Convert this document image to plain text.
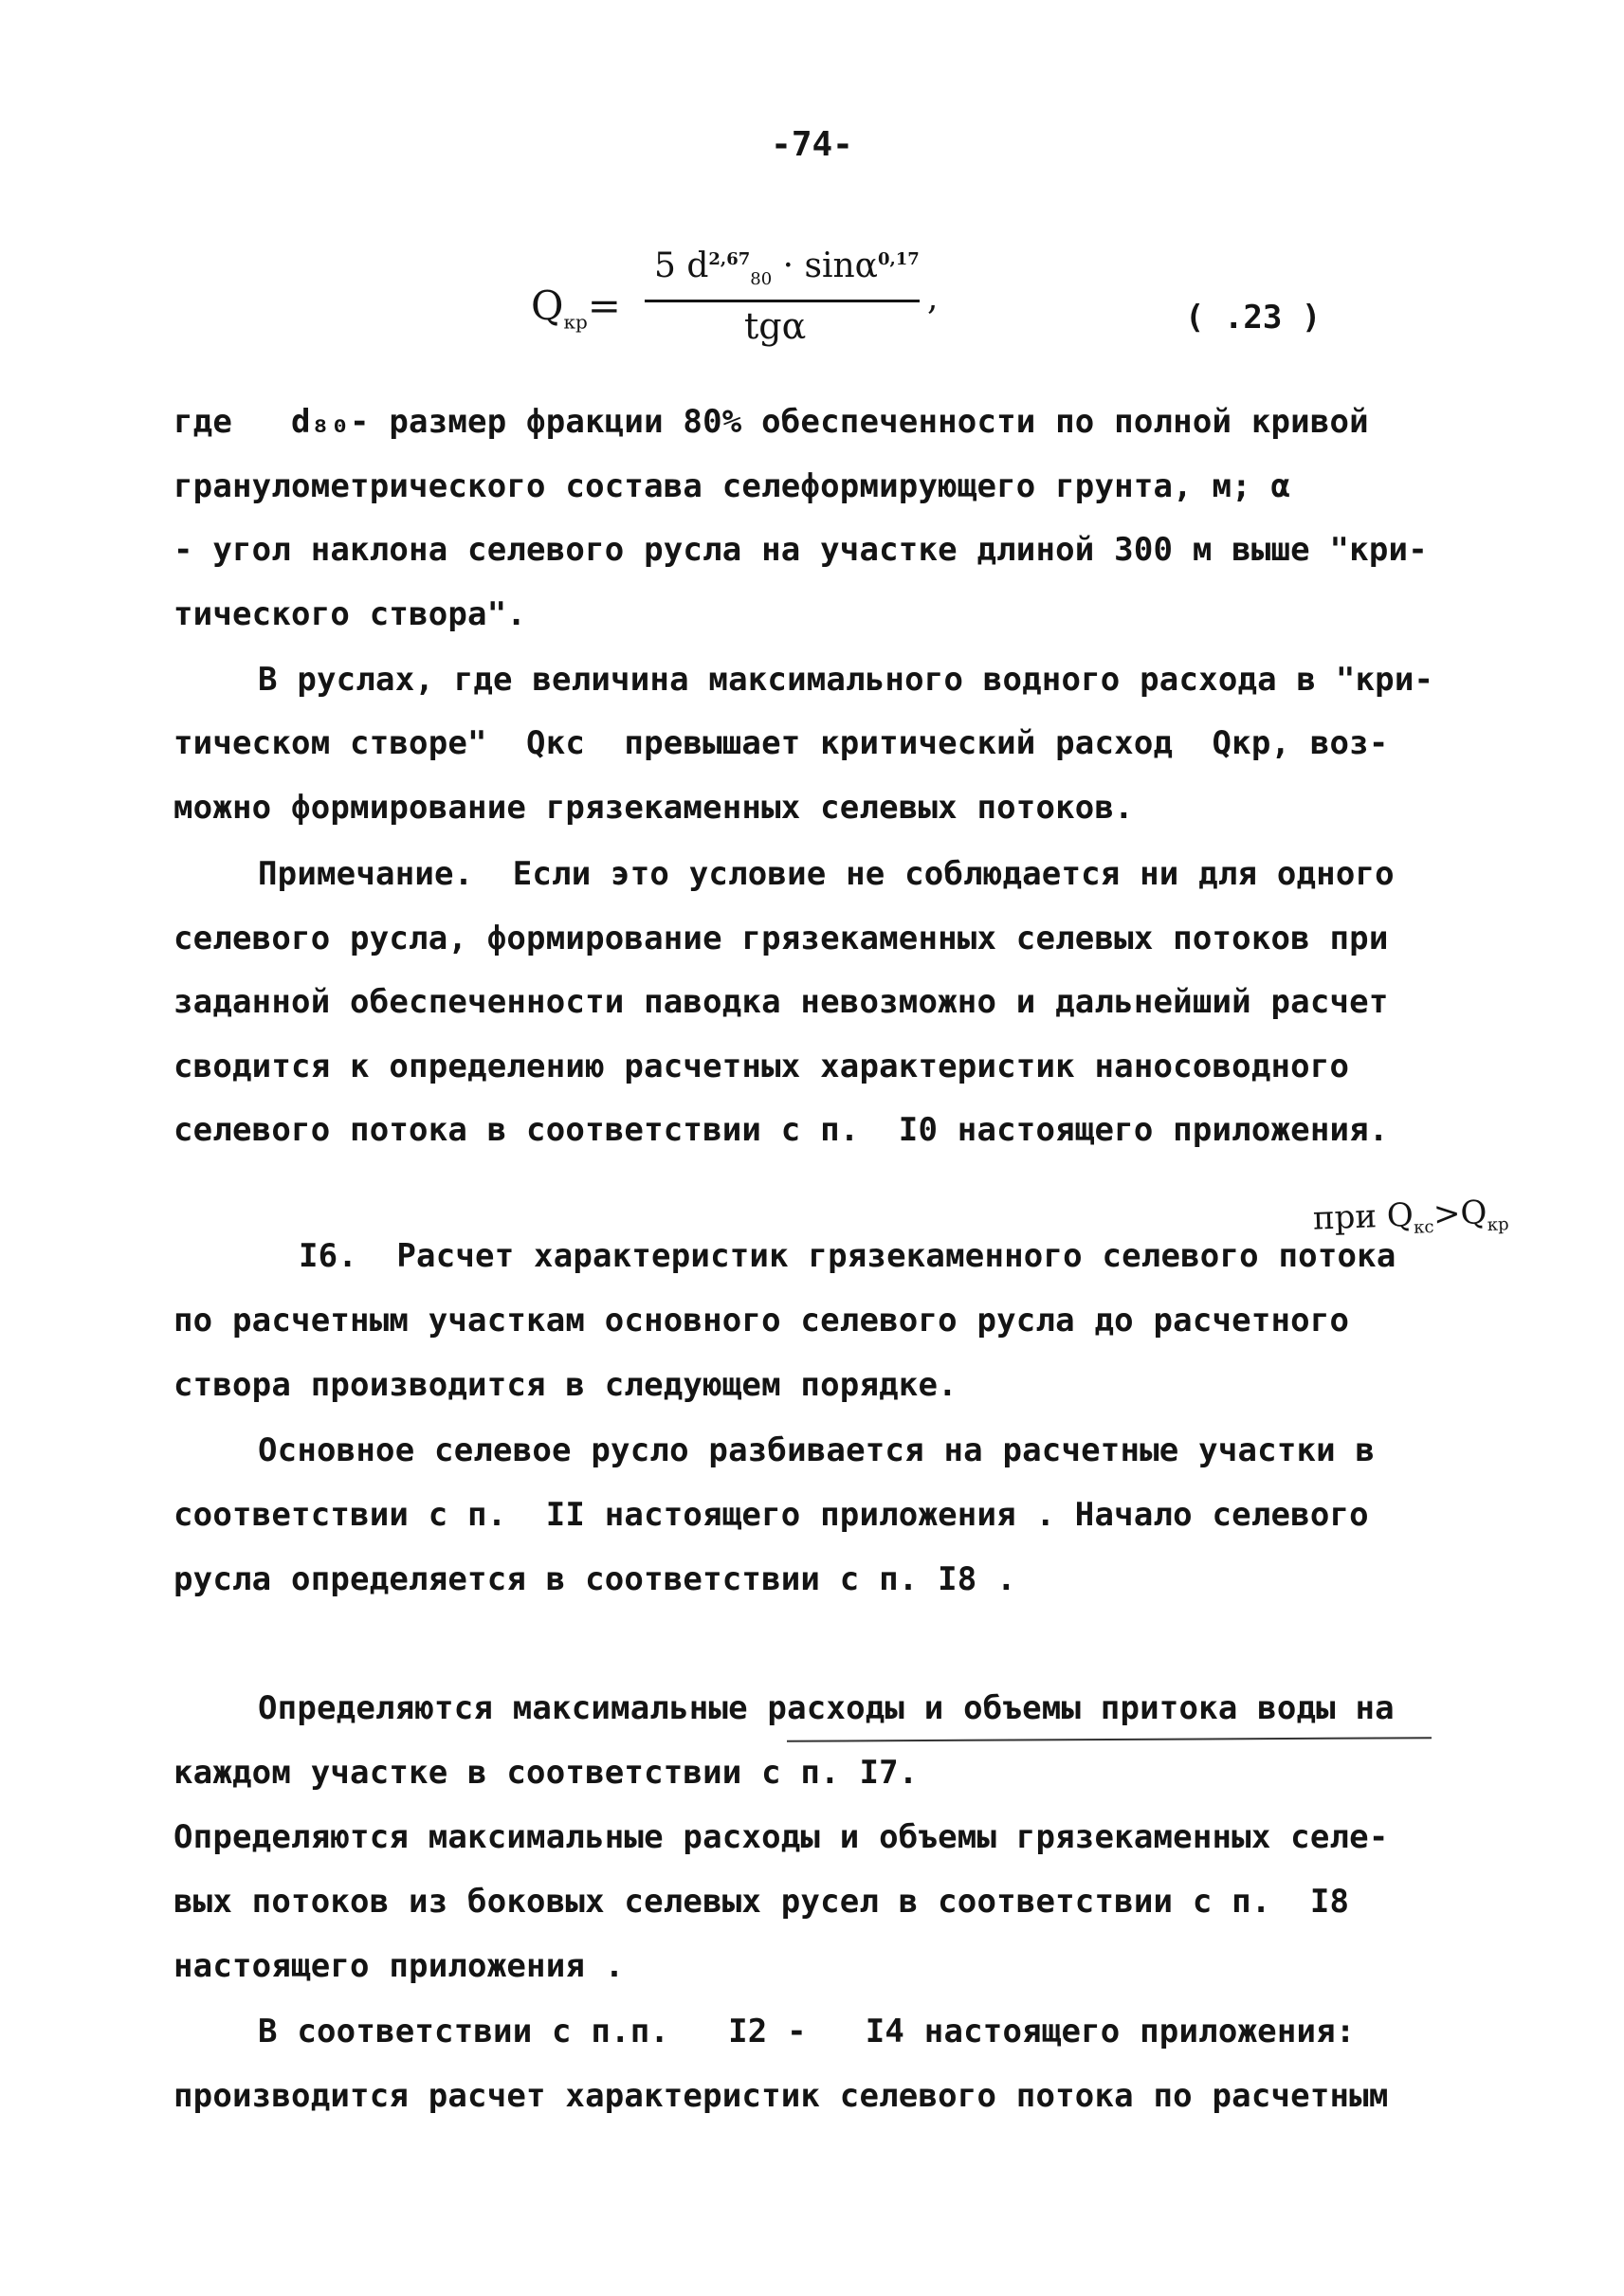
-74-
$Q_{кр}=$
5 $d^{2,67}_{80} \cdot \sin\alpha^{0,17}$
tgα
,	( .23 )

где   d₈₀- размер фракции 80% обеспеченности по полной кривой

гранулометрического состава селеформирующего грунта, м; α

- угол наклона селевого русла на участке длиной 300 м выше "кри-

тического створа".

В руслах, где величина максимального водного расхода в "кри-

тическом створе"  Qкс  превышает критический расход  Qкр, воз-

можно формирование грязекаменных селевых потоков.

Примечание.  Если это условие не соблюдается ни для одного

селевого русла, формирование грязекаменных селевых потоков при

заданной обеспеченности паводка невозможно и дальнейший расчет

сводится к определению расчетных характеристик наносоводного

селевого потока в соответствии с п.  I0 настоящего приложения.

при $Q_{кс}>Q_{кр}$

I6.  Расчет характеристик грязекаменного селевого потока

по расчетным участкам основного селевого русла до расчетного

створа производится в следующем порядке.

Основное селевое русло разбивается на расчетные участки в

соответствии с п.  II настоящего приложения . Начало селевого

русла определяется в соответствии с п. I8 .

Определяются максимальные расходы и объемы притока воды на

каждом участке в соответствии с п. I7.

Определяются максимальные расходы и объемы грязекаменных селе-

вых потоков из боковых селевых русел в соответствии с п.  I8

настоящего приложения .

В соответствии с п.п.   I2 -   I4 настоящего приложения:

производится расчет характеристик селевого потока по расчетным
